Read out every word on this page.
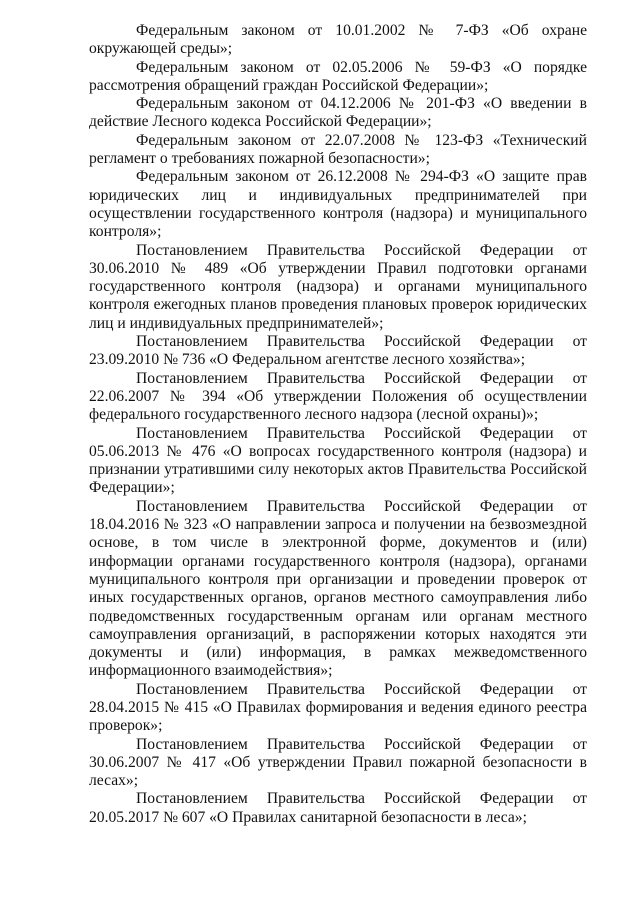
Федеральным законом от 10.01.2002 № 7-ФЗ «Об охране окружающей среды»;

Федеральным законом от 02.05.2006 № 59-ФЗ «О порядке рассмотрения обращений граждан Российской Федерации»;

Федеральным законом от 04.12.2006 № 201-ФЗ «О введении в действие Лесного кодекса Российской Федерации»;

Федеральным законом от 22.07.2008 № 123-ФЗ «Технический регламент о требованиях пожарной безопасности»;

Федеральным законом от 26.12.2008 № 294-ФЗ «О защите прав юридических лиц и индивидуальных предпринимателей при осуществлении государственного контроля (надзора) и муниципального контроля»;

Постановлением Правительства Российской Федерации от 30.06.2010 № 489 «Об утверждении Правил подготовки органами государственного контроля (надзора) и органами муниципального контроля ежегодных планов проведения плановых проверок юридических лиц и индивидуальных предпринимателей»;

Постановлением Правительства Российской Федерации от 23.09.2010 № 736 «О Федеральном агентстве лесного хозяйства»;

Постановлением Правительства Российской Федерации от 22.06.2007 № 394 «Об утверждении Положения об осуществлении федерального государственного лесного надзора (лесной охраны)»;

Постановлением Правительства Российской Федерации от 05.06.2013 № 476 «О вопросах государственного контроля (надзора) и признании утратившими силу некоторых актов Правительства Российской Федерации»;

Постановлением Правительства Российской Федерации от 18.04.2016 № 323 «О направлении запроса и получении на безвозмездной основе, в том числе в электронной форме, документов и (или) информации органами государственного контроля (надзора), органами муниципального контроля при организации и проведении проверок от иных государственных органов, органов местного самоуправления либо подведомственных государственным органам или органам местного самоуправления организаций, в распоряжении которых находятся эти документы и (или) информация, в рамках межведомственного информационного взаимодействия»;

Постановлением Правительства Российской Федерации от 28.04.2015 № 415 «О Правилах формирования и ведения единого реестра проверок»;

Постановлением Правительства Российской Федерации от 30.06.2007 № 417 «Об утверждении Правил пожарной безопасности в лесах»;

Постановлением Правительства Российской Федерации от 20.05.2017 № 607 «О Правилах санитарной безопасности в леса»;
